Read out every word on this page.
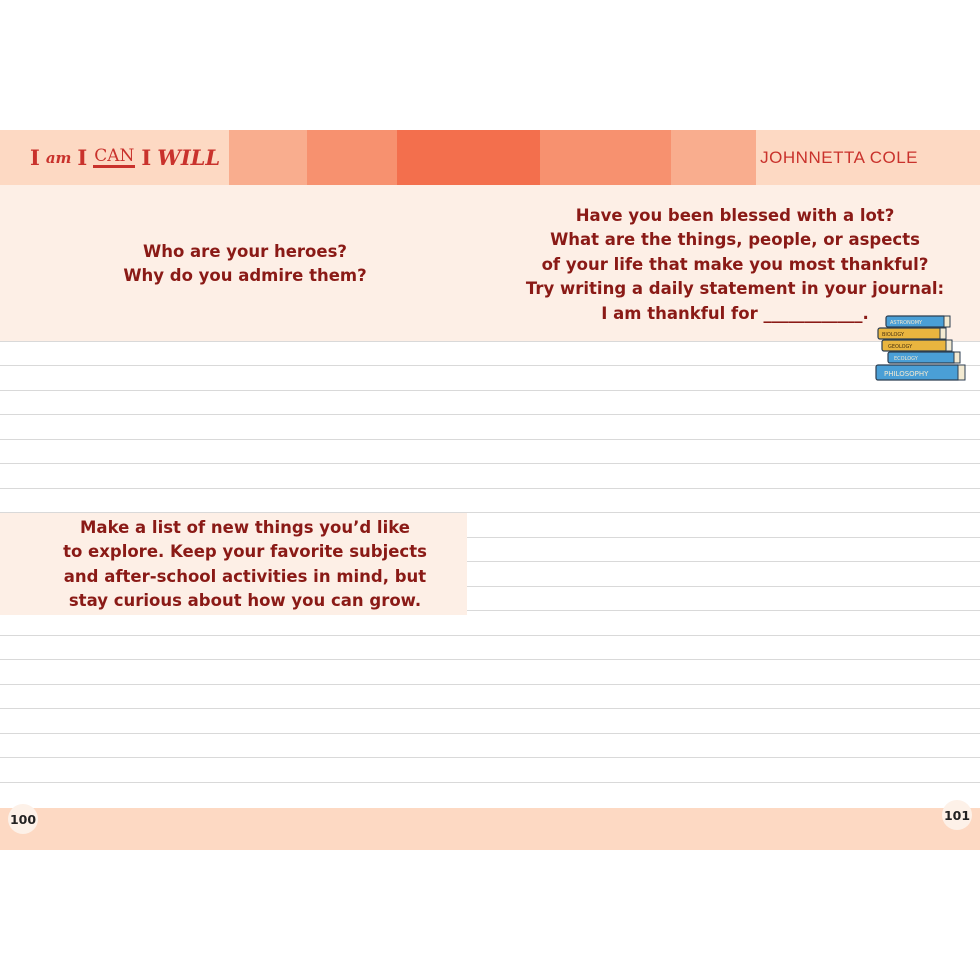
I am I CAN I WILL	JOHNNETTA COLE
Who are your heroes?
Why do you admire them?
Have you been blessed with a lot?
What are the things, people, or aspects
of your life that make you most thankful?
Try writing a daily statement in your journal:
I am thankful for ____________.
Make a list of new things you’d like
to explore. Keep your favorite subjects
and after-school activities in mind, but
stay curious about how you can grow.
ASTRONOMY
BIOLOGY
GEOLOGY
ECOLOGY
PHILOSOPHY
100	101
